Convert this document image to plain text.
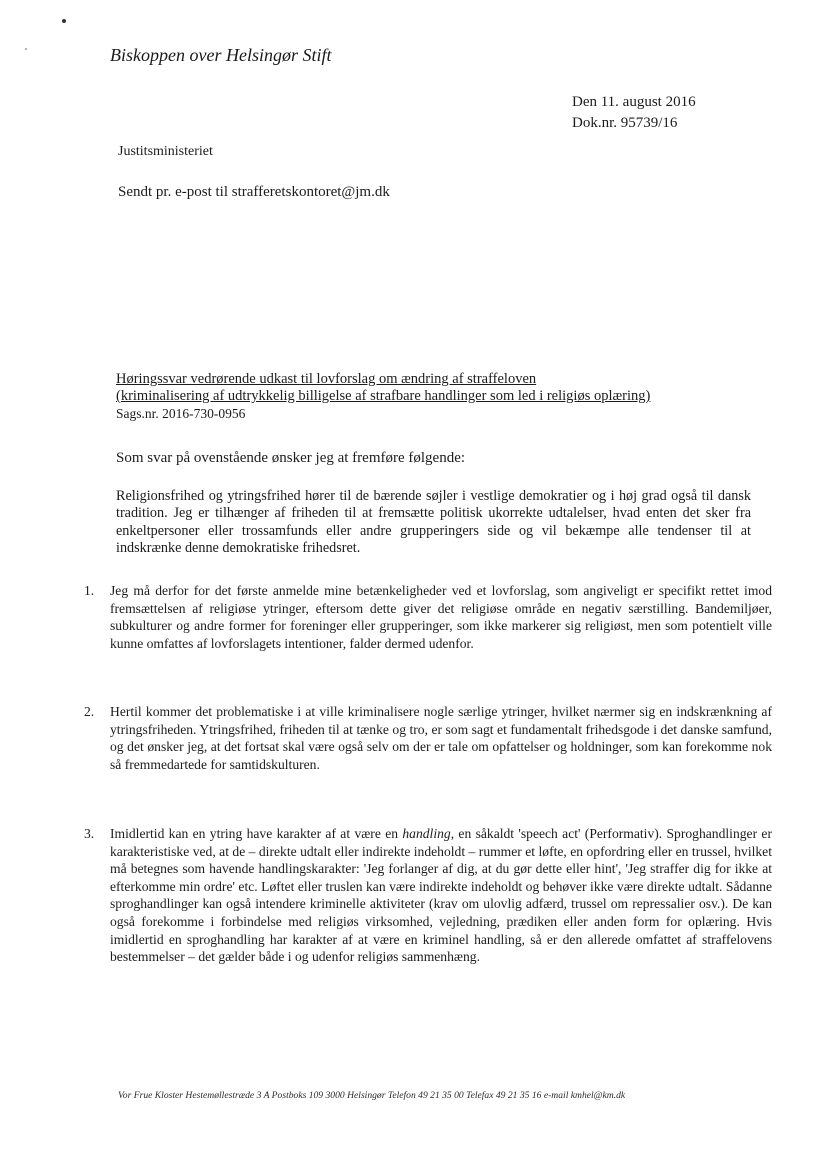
Biskoppen over Helsingør Stift
Den 11. august 2016
Dok.nr. 95739/16
Justitsministeriet
Sendt pr. e-post til strafferetskontoret@jm.dk
Høringssvar vedrørende udkast til lovforslag om ændring af straffeloven
(kriminalisering af udtrykkelig billigelse af strafbare handlinger som led i religiøs oplæring)
Sags.nr. 2016-730-0956
Som svar på ovenstående ønsker jeg at fremføre følgende:
Religionsfrihed og ytringsfrihed hører til de bærende søjler i vestlige demokratier og i høj grad også til dansk tradition. Jeg er tilhænger af friheden til at fremsætte politisk ukorrekte udtalelser, hvad enten det sker fra enkeltpersoner eller trossamfunds eller andre grupperingers side og vil bekæmpe alle tendenser til at indskrænke denne demokratiske frihedsret.
1. Jeg må derfor for det første anmelde mine betænkeligheder ved et lovforslag, som angiveligt er specifikt rettet imod fremsættelsen af religiøse ytringer, eftersom dette giver det religiøse område en negativ særstilling. Bandemiljøer, subkulturer og andre former for foreninger eller grupperinger, som ikke markerer sig religiøst, men som potentielt ville kunne omfattes af lovforslagets intentioner, falder dermed udenfor.
2. Hertil kommer det problematiske i at ville kriminalisere nogle særlige ytringer, hvilket nærmer sig en indskrænkning af ytringsfriheden. Ytringsfrihed, friheden til at tænke og tro, er som sagt et fundamentalt frihedsgode i det danske samfund, og det ønsker jeg, at det fortsat skal være også selv om der er tale om opfattelser og holdninger, som kan forekomme nok så fremmedartede for samtidskulturen.
3. Imidlertid kan en ytring have karakter af at være en handling, en såkaldt 'speech act' (Performativ). Sproghandlinger er karakteristiske ved, at de – direkte udtalt eller indirekte indeholdt – rummer et løfte, en opfordring eller en trussel, hvilket må betegnes som havende handlingskarakter: 'Jeg forlanger af dig, at du gør dette eller hint', 'Jeg straffer dig for ikke at efterkomme min ordre' etc. Løftet eller truslen kan være indirekte indeholdt og behøver ikke være direkte udtalt. Sådanne sproghandlinger kan også intendere kriminelle aktiviteter (krav om ulovlig adfærd, trussel om repressalier osv.). De kan også forekomme i forbindelse med religiøs virksomhed, vejledning, prædiken eller anden form for oplæring. Hvis imidlertid en sproghandling har karakter af at være en kriminel handling, så er den allerede omfattet af straffelovens bestemmelser – det gælder både i og udenfor religiøs sammenhæng.
Vor Frue Kloster Hestemøllestræde 3 A Postboks 109 3000 Helsingør Telefon 49 21 35 00 Telefax 49 21 35 16 e-mail kmhel@km.dk
